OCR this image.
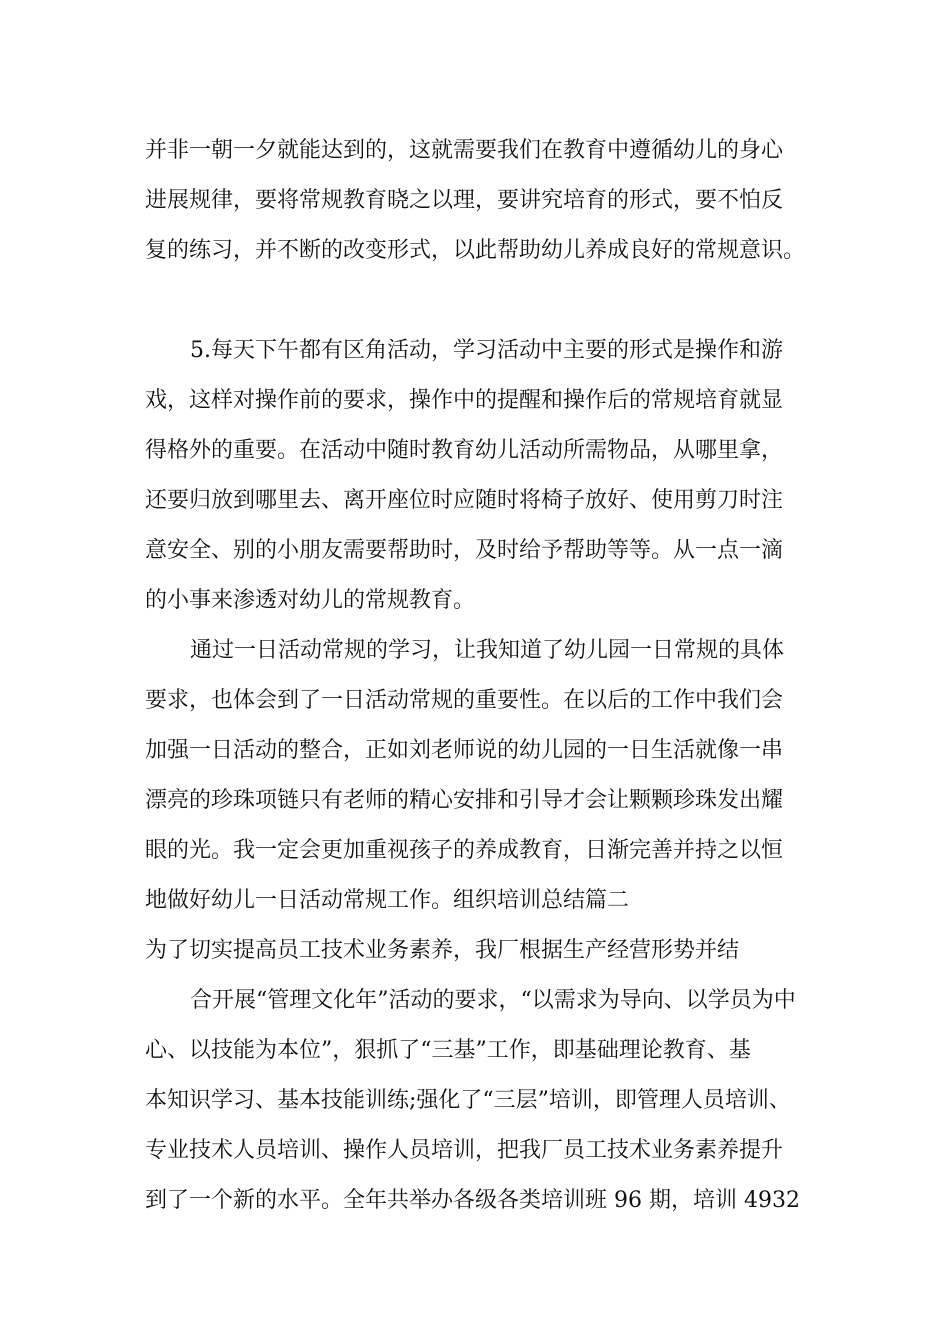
并非一朝一夕就能达到的，这就需要我们在教育中遵循幼儿的身心
进展规律，要将常规教育晓之以理，要讲究培育的形式，要不怕反
复的练习，并不断的改变形式，以此帮助幼儿养成良好的常规意识。
5.每天下午都有区角活动，学习活动中主要的形式是操作和游
戏，这样对操作前的要求，操作中的提醒和操作后的常规培育就显
得格外的重要。在活动中随时教育幼儿活动所需物品，从哪里拿，
还要归放到哪里去、离开座位时应随时将椅子放好、使用剪刀时注
意安全、别的小朋友需要帮助时，及时给予帮助等等。从一点一滴
的小事来渗透对幼儿的常规教育。
通过一日活动常规的学习，让我知道了幼儿园一日常规的具体
要求，也体会到了一日活动常规的重要性。在以后的工作中我们会
加强一日活动的整合，正如刘老师说的幼儿园的一日生活就像一串
漂亮的珍珠项链只有老师的精心安排和引导才会让颗颗珍珠发出耀
眼的光。我一定会更加重视孩子的养成教育，日渐完善并持之以恒
地做好幼儿一日活动常规工作。组织培训总结篇二
为了切实提高员工技术业务素养，我厂根据生产经营形势并结
合开展“管理文化年”活动的要求，“以需求为导向、以学员为中
心、以技能为本位”，狠抓了“三基”工作，即基础理论教育、基
本知识学习、基本技能训练;强化了“三层”培训，即管理人员培训、
专业技术人员培训、操作人员培训，把我厂员工技术业务素养提升
到了一个新的水平。全年共举办各级各类培训班 96 期，培训 4932
